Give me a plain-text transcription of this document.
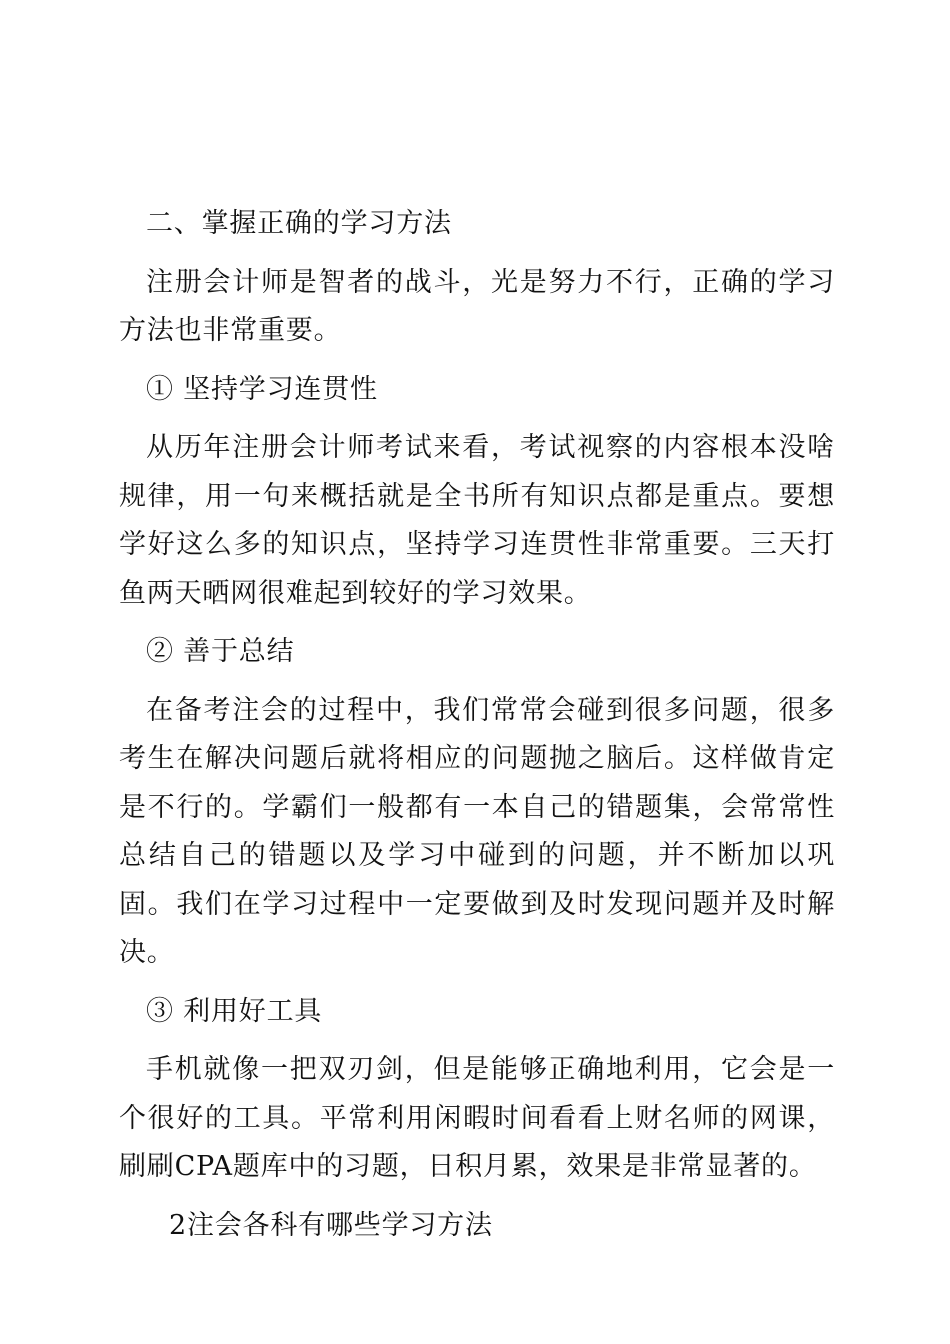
二、掌握正确的学习方法

注册会计师是智者的战斗，光是努力不行，正确的学习方法也非常重要。

① 坚持学习连贯性

从历年注册会计师考试来看，考试视察的内容根本没啥规律，用一句来概括就是全书所有知识点都是重点。要想学好这么多的知识点，坚持学习连贯性非常重要。三天打鱼两天晒网很难起到较好的学习效果。

② 善于总结

在备考注会的过程中，我们常常会碰到很多问题，很多考生在解决问题后就将相应的问题抛之脑后。这样做肯定是不行的。学霸们一般都有一本自己的错题集，会常常性总结自己的错题以及学习中碰到的问题，并不断加以巩固。我们在学习过程中一定要做到及时发现问题并及时解决。

③ 利用好工具

手机就像一把双刃剑，但是能够正确地利用，它会是一个很好的工具。平常利用闲暇时间看看上财名师的网课，刷刷CPA题库中的习题，日积月累，效果是非常显著的。

2注会各科有哪些学习方法
